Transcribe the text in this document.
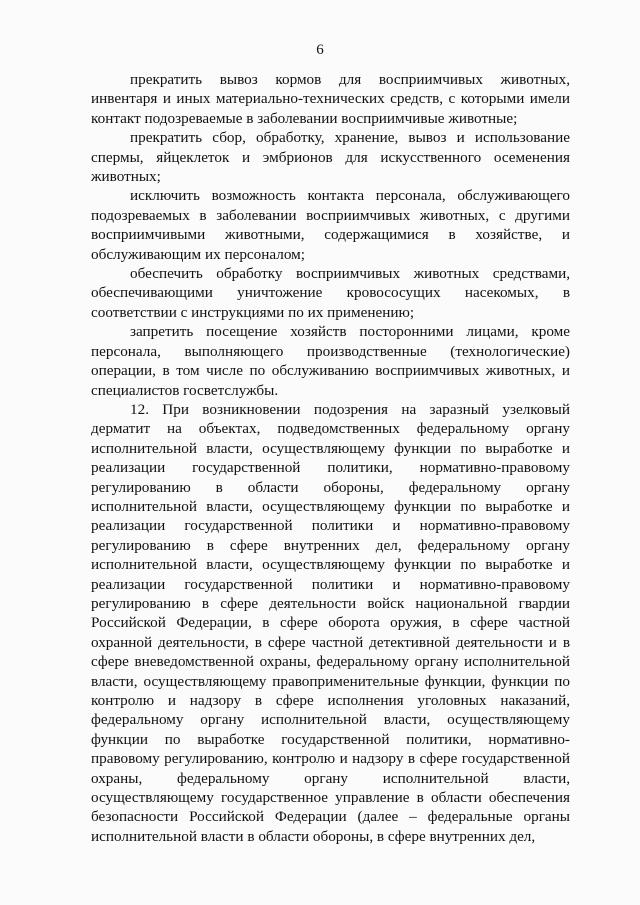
6

прекратить вывоз кормов для восприимчивых животных, инвентаря и иных материально-технических средств, с которыми имели контакт подозреваемые в заболевании восприимчивые животные;

прекратить сбор, обработку, хранение, вывоз и использование спермы, яйцеклеток и эмбрионов для искусственного осеменения животных;

исключить возможность контакта персонала, обслуживающего подозреваемых в заболевании восприимчивых животных, с другими восприимчивыми животными, содержащимися в хозяйстве, и обслуживающим их персоналом;

обеспечить обработку восприимчивых животных средствами, обеспечивающими уничтожение кровососущих насекомых, в соответствии с инструкциями по их применению;

запретить посещение хозяйств посторонними лицами, кроме персонала, выполняющего производственные (технологические) операции, в том числе по обслуживанию восприимчивых животных, и специалистов госветслужбы.

12. При возникновении подозрения на заразный узелковый дерматит на объектах, подведомственных федеральному органу исполнительной власти, осуществляющему функции по выработке и реализации государственной политики, нормативно-правовому регулированию в области обороны, федеральному органу исполнительной власти, осуществляющему функции по выработке и реализации государственной политики и нормативно-правовому регулированию в сфере внутренних дел, федеральному органу исполнительной власти, осуществляющему функции по выработке и реализации государственной политики и нормативно-правовому регулированию в сфере деятельности войск национальной гвардии Российской Федерации, в сфере оборота оружия, в сфере частной охранной деятельности, в сфере частной детективной деятельности и в сфере вневедомственной охраны, федеральному органу исполнительной власти, осуществляющему правоприменительные функции, функции по контролю и надзору в сфере исполнения уголовных наказаний, федеральному органу исполнительной власти, осуществляющему функции по выработке государственной политики, нормативно-правовому регулированию, контролю и надзору в сфере государственной охраны, федеральному органу исполнительной власти, осуществляющему государственное управление в области обеспечения безопасности Российской Федерации (далее – федеральные органы исполнительной власти в области обороны, в сфере внутренних дел,
